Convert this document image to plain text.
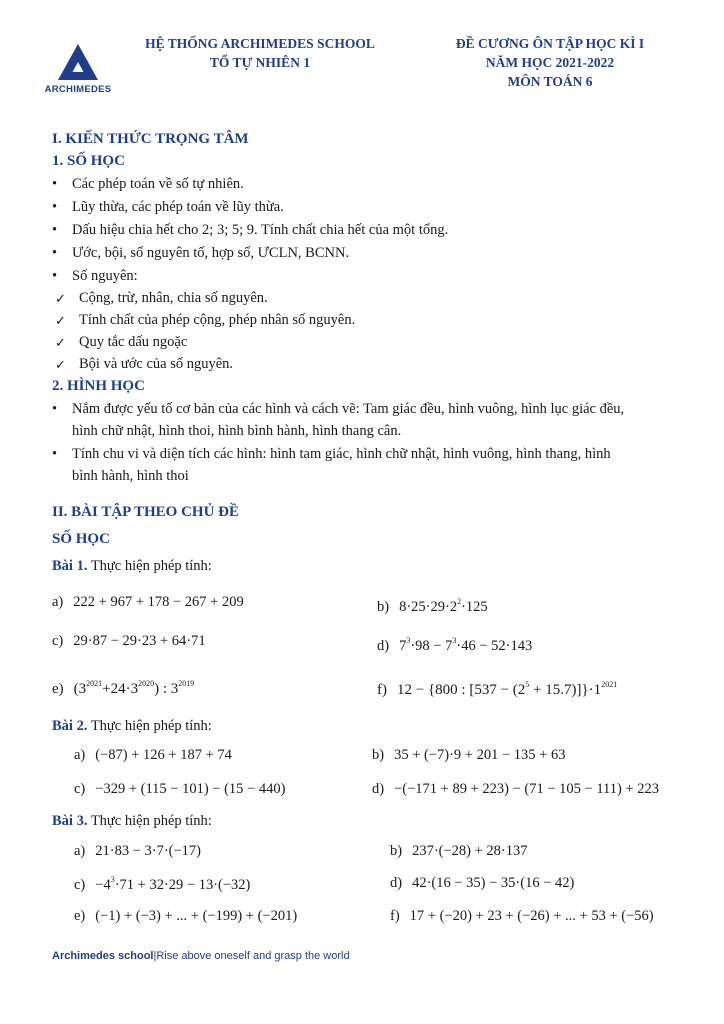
ARCHIMEDES
HỆ THỐNG ARCHIMEDES SCHOOL
TỔ TỰ NHIÊN 1
ĐỀ CƯƠNG ÔN TẬP HỌC KÌ I
NĂM HỌC 2021-2022
MÔN TOÁN 6
I. KIẾN THỨC TRỌNG TÂM
1. SỐ HỌC
• Các phép toán về số tự nhiên.
• Lũy thừa, các phép toán về lũy thừa.
• Dấu hiệu chia hết cho 2; 3; 5; 9. Tính chất chia hết của một tổng.
• Ước, bội, số nguyên tố, hợp số, ƯCLN, BCNN.
• Số nguyên:
✓ Cộng, trừ, nhân, chia số nguyên.
✓ Tính chất của phép cộng, phép nhân số nguyên.
✓ Quy tắc dấu ngoặc
✓ Bội và ước của số nguyên.
2. HÌNH HỌC
• Nắm được yếu tố cơ bản của các hình và cách vẽ: Tam giác đều, hình vuông, hình lục giác đều,
hình chữ nhật, hình thoi, hình bình hành, hình thang cân.
• Tính chu vi và diện tích các hình: hình tam giác, hình chữ nhật, hình vuông, hình thang, hình
bình hành, hình thoi
II. BÀI TẬP THEO CHỦ ĐỀ
SỐ HỌC
Bài 1. Thực hiện phép tính:
a) 222 + 967 + 178 − 267 + 209	b) $8\cdot 25\cdot 29\cdot 2^2\cdot 125$
c) 29·87 − 29·23 + 64·71	d) $7^3\cdot 98 - 7^3\cdot 46 - 52\cdot 143$
e) $(3^{2021}+24\cdot 3^{2020})$ : $3^{2019}$	f) 12 − {800 : $[537 - (2^5 + 15.7)]\}\cdot 1^{2021}$
Bài 2. Thực hiện phép tính:
a) (−87) + 126 + 187 + 74	b) 35 + (−7)·9 + 201 − 135 + 63
c) −329 + (115 − 101) − (15 − 440)	d) −(−171 + 89 + 223) − (71 − 105 − 111) + 223
Bài 3. Thực hiện phép tính:
a) 21·83 − 3·7·(−17)	b) 237·(−28) + 28·137
$c) -4^3\cdot 71 + 32\cdot 29 - 13\cdot(-32)$	d) 42·(16 − 35) − 35·(16 − 42)
e) (−1) + (−3) + ... + (−199) + (−201)	f) 17 + (−20) + 23 + (−26) + ... + 53 + (−56)
Archimedes school|Rise above oneself and grasp the world
